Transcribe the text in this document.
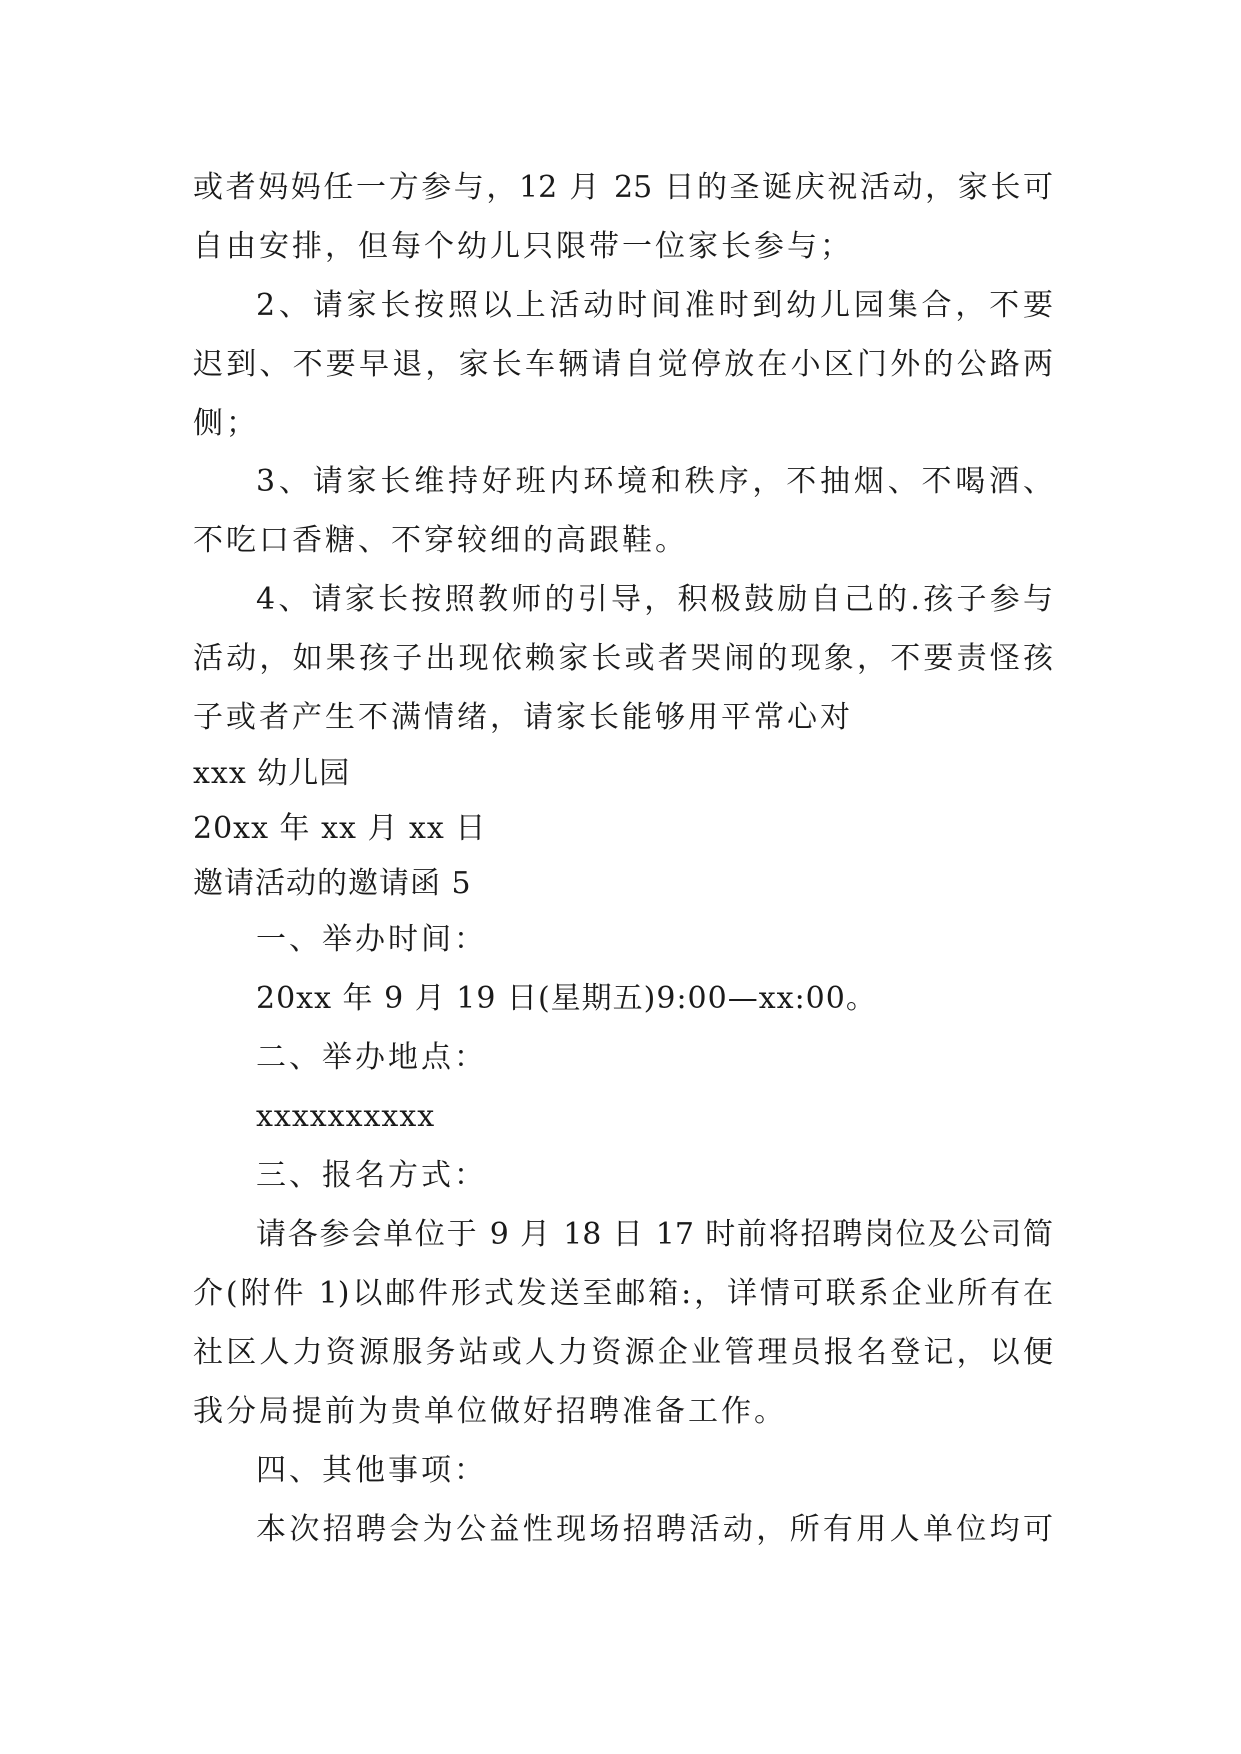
或者妈妈任一方参与，12 月 25 日的圣诞庆祝活动，家长可
自由安排，但每个幼儿只限带一位家长参与；
2、请家长按照以上活动时间准时到幼儿园集合，不要
迟到、不要早退，家长车辆请自觉停放在小区门外的公路两
侧；
3、请家长维持好班内环境和秩序，不抽烟、不喝酒、
不吃口香糖、不穿较细的高跟鞋。
4、请家长按照教师的引导，积极鼓励自己的.孩子参与
活动，如果孩子出现依赖家长或者哭闹的现象，不要责怪孩
子或者产生不满情绪，请家长能够用平常心对
xxx 幼儿园
20xx 年 xx 月 xx 日
邀请活动的邀请函 5
一、举办时间：
20xx 年 9 月 19 日(星期五)9:00—xx:00。
二、举办地点：
xxxxxxxxxx
三、报名方式：
请各参会单位于 9 月 18 日 17 时前将招聘岗位及公司简
介(附件 1)以邮件形式发送至邮箱:，详情可联系企业所有在
社区人力资源服务站或人力资源企业管理员报名登记，以便
我分局提前为贵单位做好招聘准备工作。
四、其他事项：
本次招聘会为公益性现场招聘活动，所有用人单位均可
